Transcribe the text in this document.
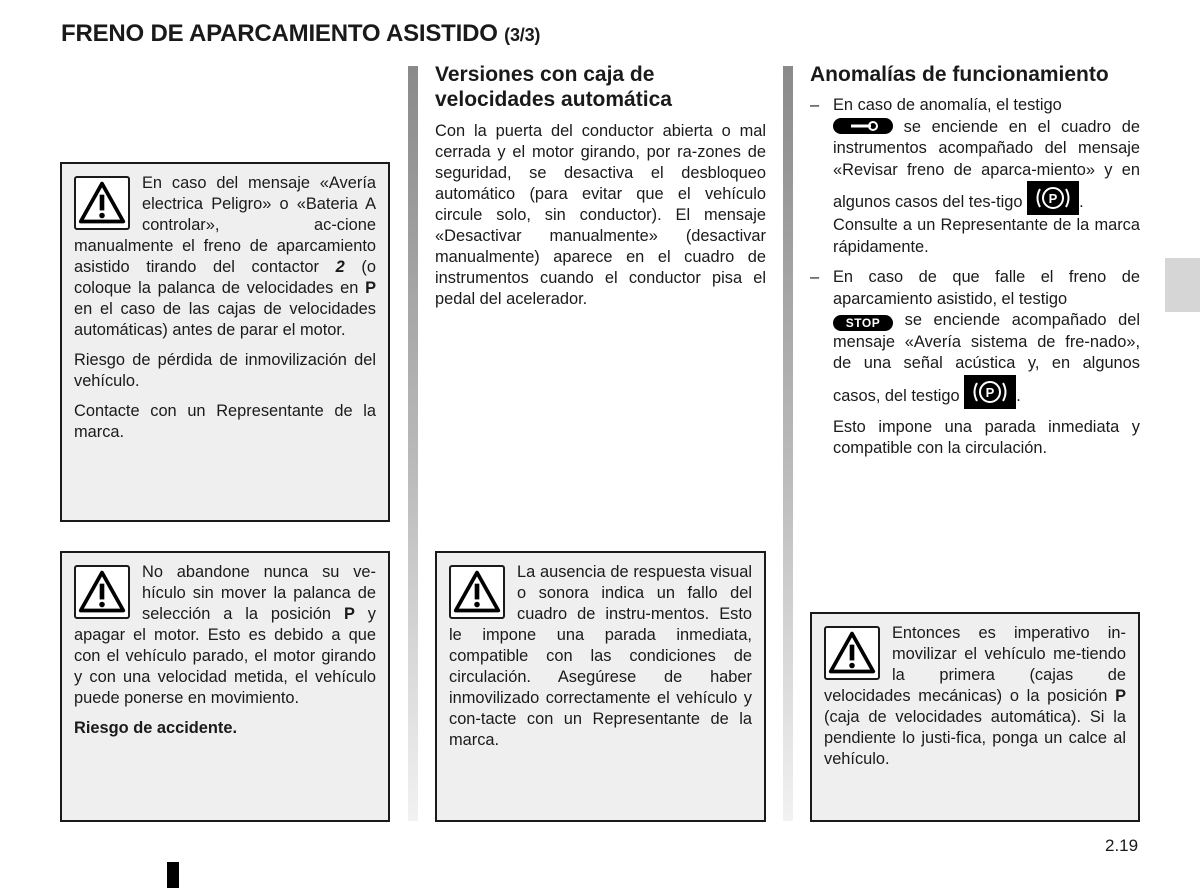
FRENO DE APARCAMIENTO ASISTIDO (3/3)

En caso del mensaje «Avería electrica Peligro» o «Bateria A controlar», ac-cione manualmente el freno de aparcamiento asistido tirando del contactor 2 (o coloque la palanca de velocidades en P en el caso de las cajas de velocidades automáticas) antes de parar el motor.

Riesgo de pérdida de inmovilización del vehículo.

Contacte con un Representante de la marca.

No abandone nunca su ve-hículo sin mover la palanca de selección a la posición P y apagar el motor. Esto es debido a que con el vehículo parado, el motor girando y con una velocidad metida, el vehículo puede ponerse en movimiento.

Riesgo de accidente.

Versiones con caja de velocidades automática
Con la puerta del conductor abierta o mal cerrada y el motor girando, por ra-zones de seguridad, se desactiva el desbloqueo automático (para evitar que el vehículo circule solo, sin conductor). El mensaje «Desactivar manualmente» (desactivar manualmente) aparece en el cuadro de instrumentos cuando el conductor pisa el pedal del acelerador.

La ausencia de respuesta visual o sonora indica un fallo del cuadro de instru-mentos. Esto le impone una parada inmediata, compatible con las condiciones de circulación. Asegúrese de haber inmovilizado correctamente el vehículo y con-tacte con un Representante de la marca.

Anomalías de funcionamiento
– En caso de anomalía, el testigo
se enciende en el cuadro de instrumentos acompañado del mensaje «Revisar freno de aparca-miento» y en algunos casos del tes-tigo P .

Consulte a un Representante de la marca rápidamente.

– En caso de que falle el freno de aparcamiento asistido, el testigo
STOP se enciende acompañado del mensaje «Avería sistema de fre-nado», de una señal acústica y, en algunos casos, del testigo P .

Esto impone una parada inmediata y compatible con la circulación.

Entonces es imperativo in-movilizar el vehículo me-tiendo la primera (cajas de velocidades mecánicas) o la posición P (caja de velocidades automática). Si la pendiente lo justi-fica, ponga un calce al vehículo.

2.19
